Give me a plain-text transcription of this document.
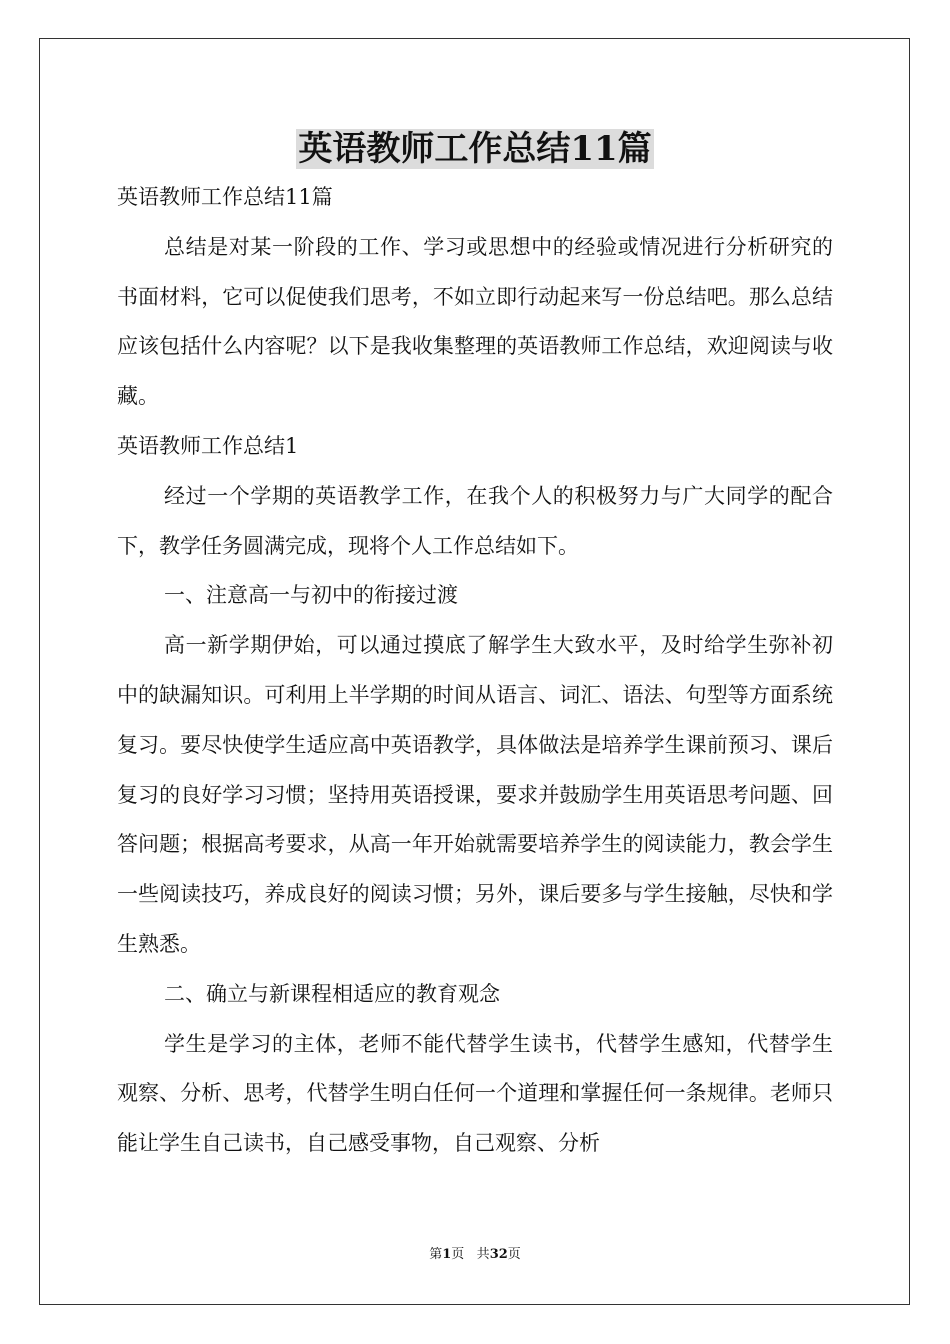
英语教师工作总结11篇

英语教师工作总结11篇

总结是对某一阶段的工作、学习或思想中的经验或情况进行分析研究的书面材料，它可以促使我们思考，不如立即行动起来写一份总结吧。那么总结应该包括什么内容呢？以下是我收集整理的英语教师工作总结，欢迎阅读与收藏。

英语教师工作总结1

经过一个学期的英语教学工作，在我个人的积极努力与广大同学的配合下，教学任务圆满完成，现将个人工作总结如下。

一、注意高一与初中的衔接过渡

高一新学期伊始，可以通过摸底了解学生大致水平，及时给学生弥补初中的缺漏知识。可利用上半学期的时间从语言、词汇、语法、句型等方面系统复习。要尽快使学生适应高中英语教学，具体做法是培养学生课前预习、课后复习的良好学习习惯；坚持用英语授课，要求并鼓励学生用英语思考问题、回答问题；根据高考要求，从高一年开始就需要培养学生的阅读能力，教会学生一些阅读技巧，养成良好的阅读习惯；另外，课后要多与学生接触，尽快和学生熟悉。

二、确立与新课程相适应的教育观念

学生是学习的主体，老师不能代替学生读书，代替学生感知，代替学生观察、分析、思考，代替学生明白任何一个道理和掌握任何一条规律。老师只能让学生自己读书，自己感受事物，自己观察、分析

第1页 共32页
